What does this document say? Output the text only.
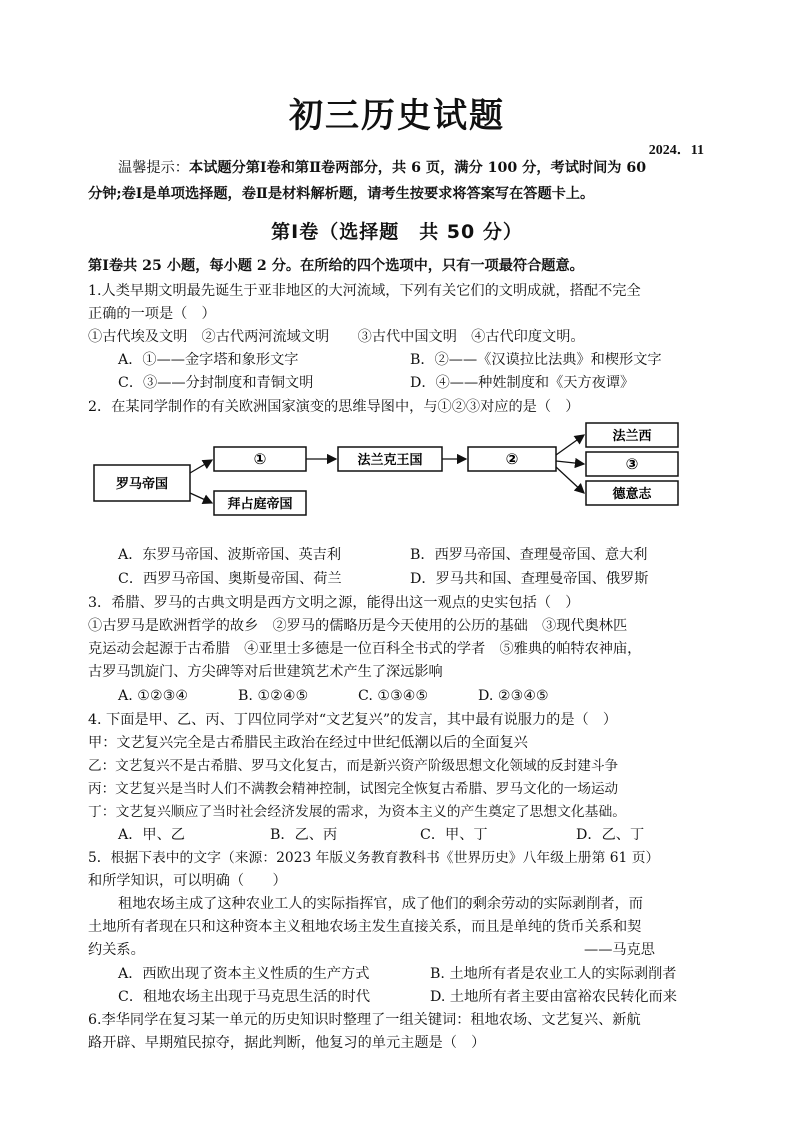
初三历史试题
2024．11
温馨提示：本试题分第Ⅰ卷和第Ⅱ卷两部分，共 6 页，满分 100 分，考试时间为 60
分钟;卷Ⅰ是单项选择题，卷Ⅱ是材料解析题，请考生按要求将答案写在答题卡上。
第Ⅰ卷（选择题　共 50 分）
第Ⅰ卷共 25 小题，每小题 2 分。在所给的四个选项中，只有一项最符合题意。
1.人类早期文明最先诞生于亚非地区的大河流域，下列有关它们的文明成就，搭配不完全
正确的一项是（　）
①古代埃及文明　②古代两河流域文明　　③古代中国文明　④古代印度文明。
A．①——金字塔和象形文字	B．②——《汉谟拉比法典》和楔形文字
C．③——分封制度和青铜文明	D．④——种姓制度和《天方夜谭》
2．在某同学制作的有关欧洲国家演变的思维导图中，与①②③对应的是（　）
罗马帝国
①	法兰克王国	②
法兰西
③
德意志
拜占庭帝国
A．东罗马帝国、波斯帝国、英吉利	B．西罗马帝国、查理曼帝国、意大利
C．西罗马帝国、奥斯曼帝国、荷兰	D．罗马共和国、查理曼帝国、俄罗斯
3．希腊、罗马的古典文明是西方文明之源，能得出这一观点的史实包括（　）
①古罗马是欧洲哲学的故乡　②罗马的儒略历是今天使用的公历的基础　③现代奥林匹
克运动会起源于古希腊　④亚里士多德是一位百科全书式的学者　⑤雅典的帕特农神庙，
古罗马凯旋门、方尖碑等对后世建筑艺术产生了深远影响
A. ①②③④	B. ①②④⑤	C. ①③④⑤	D. ②③④⑤
4. 下面是甲、乙、丙、丁四位同学对“文艺复兴”的发言，其中最有说服力的是（　）
甲：文艺复兴完全是古希腊民主政治在经过中世纪低潮以后的全面复兴
乙：文艺复兴不是古希腊、罗马文化复古，而是新兴资产阶级思想文化领域的反封建斗争
丙：文艺复兴是当时人们不满教会精神控制，试图完全恢复古希腊、罗马文化的一场运动
丁：文艺复兴顺应了当时社会经济发展的需求，为资本主义的产生奠定了思想文化基础。
A．甲、乙	B．乙、丙	C．甲、丁	D．乙、丁
5．根据下表中的文字（来源：2023 年版义务教育教科书《世界历史》八年级上册第 61 页）
和所学知识，可以明确（　　）
租地农场主成了这种农业工人的实际指挥官，成了他们的剩余劳动的实际剥削者，而
土地所有者现在只和这种资本主义租地农场主发生直接关系，而且是单纯的货币关系和契
约关系。	——马克思
A．西欧出现了资本主义性质的生产方式	B. 土地所有者是农业工人的实际剥削者
C．租地农场主出现于马克思生活的时代	D. 土地所有者主要由富裕农民转化而来
6.李华同学在复习某一单元的历史知识时整理了一组关键词：租地农场、文艺复兴、新航
路开辟、早期殖民掠夺，据此判断，他复习的单元主题是（　）
